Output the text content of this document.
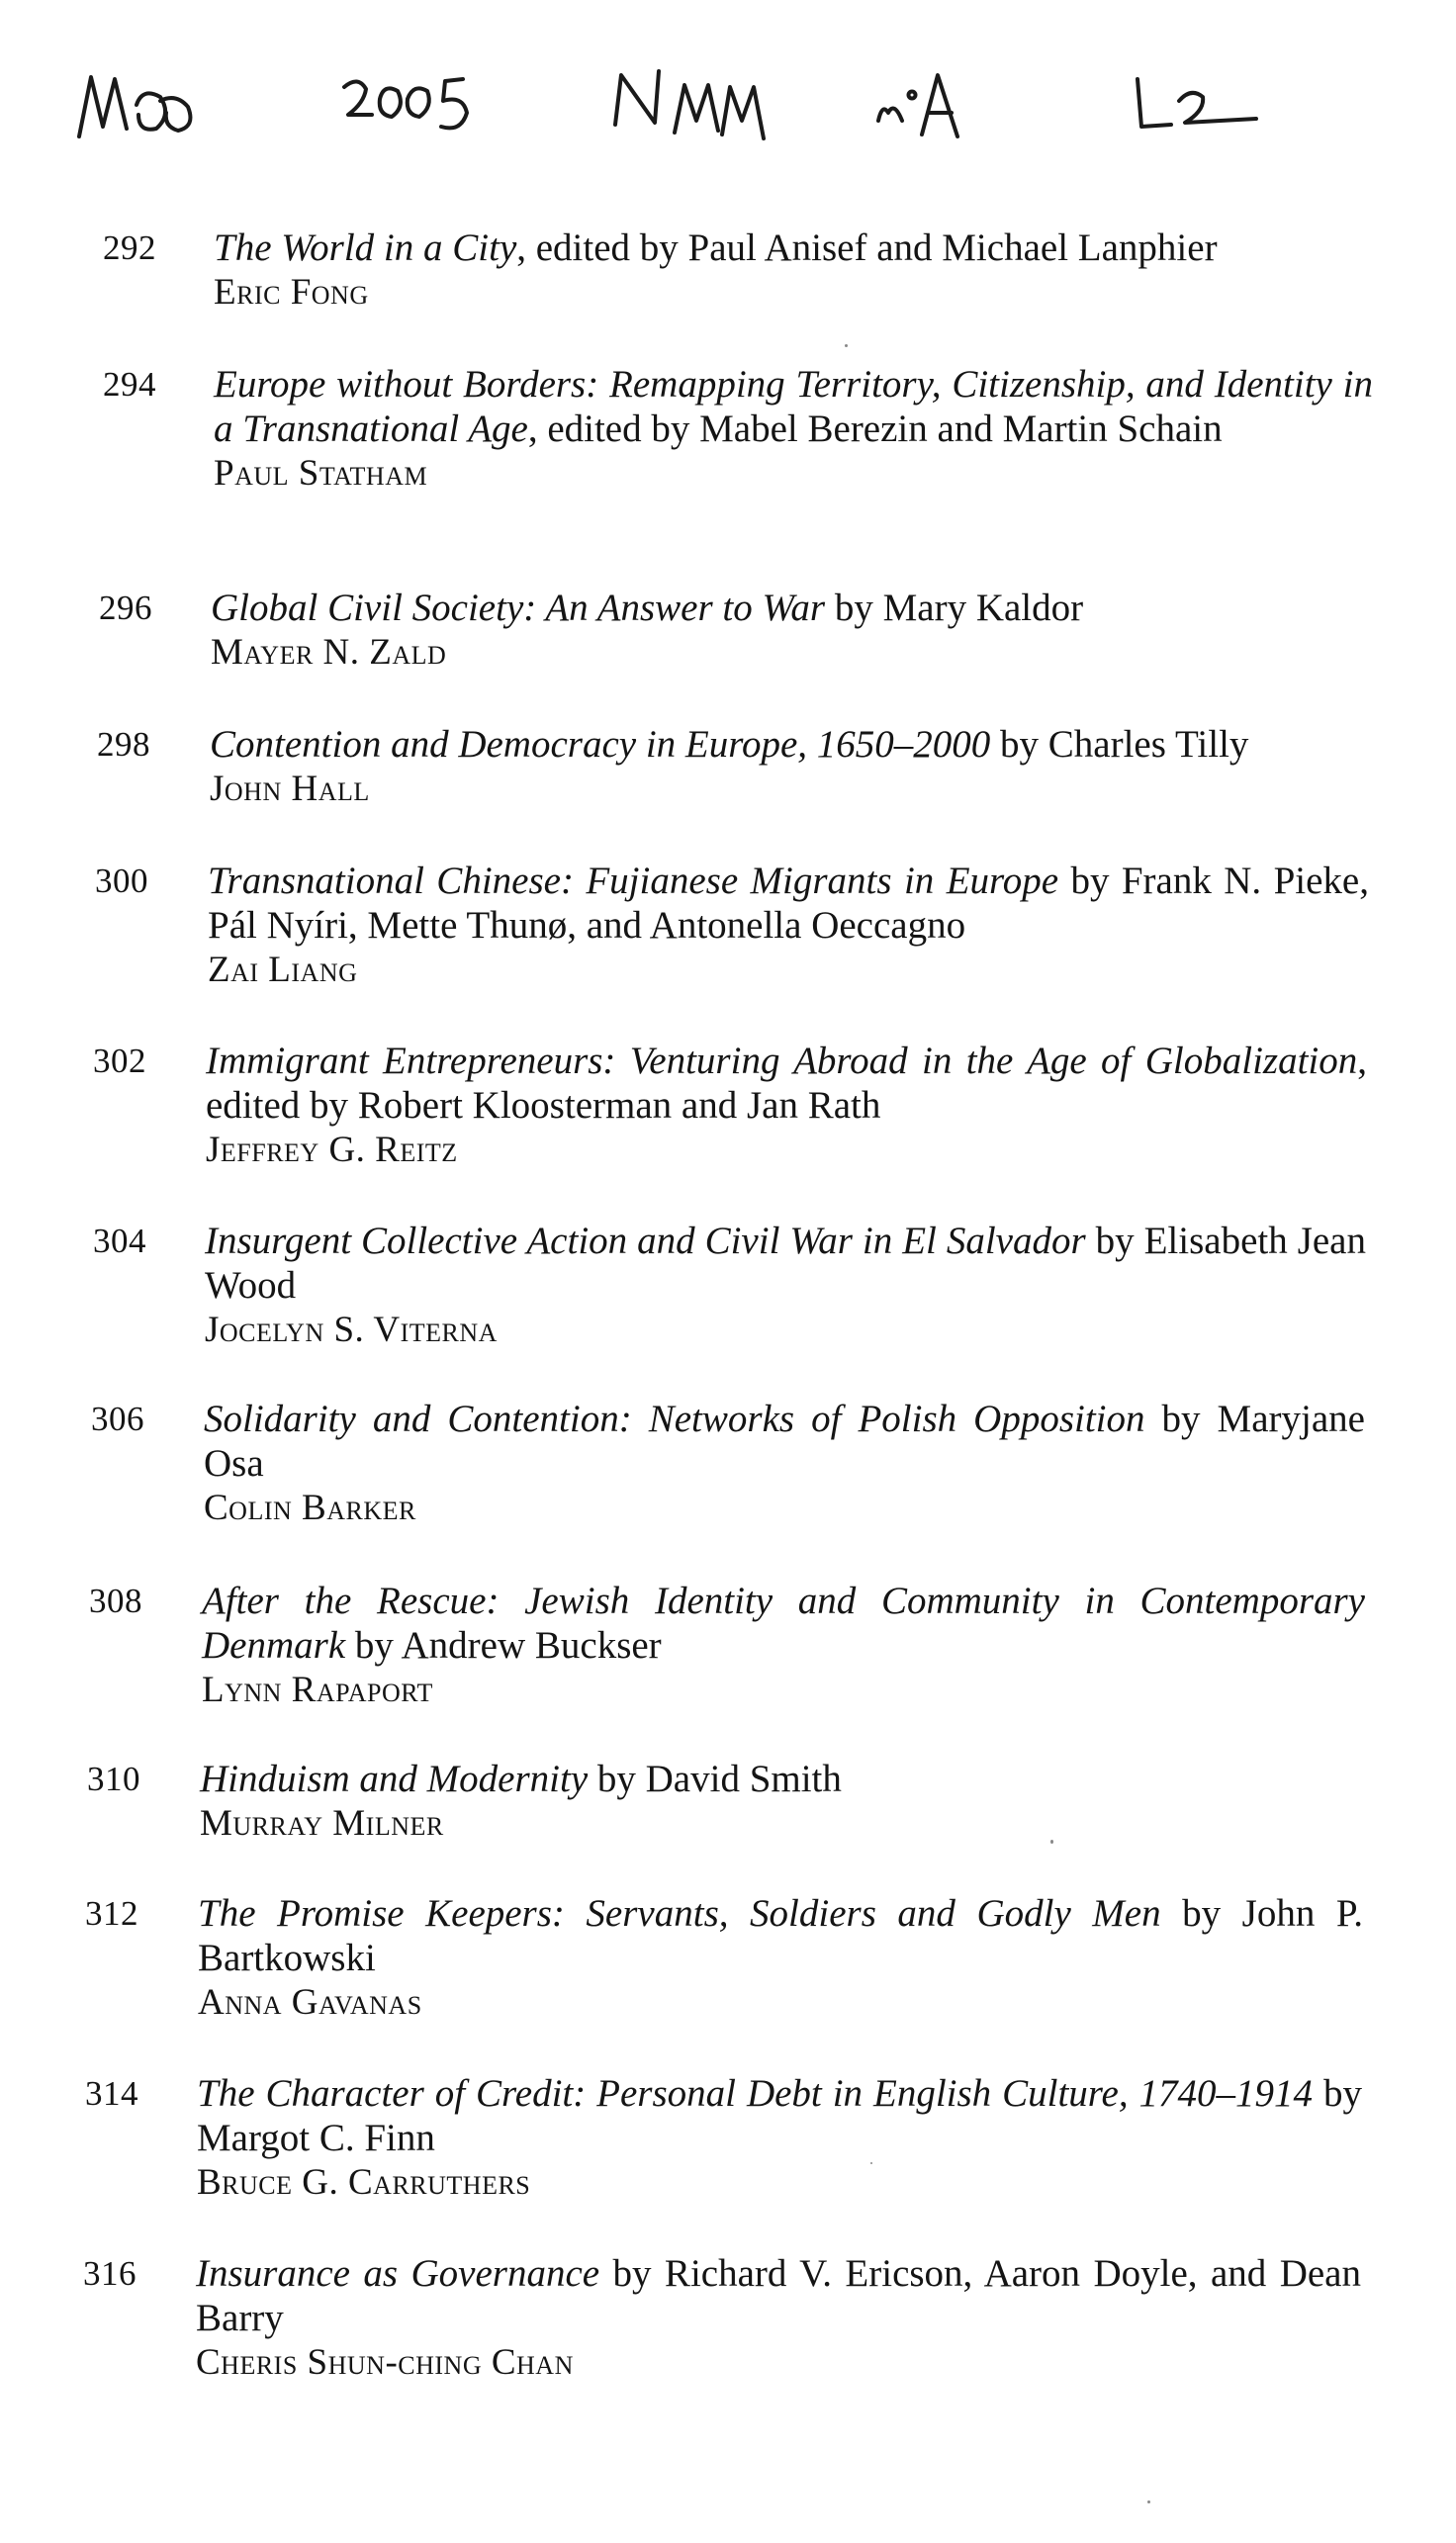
292 The World in a City, edited by Paul Anisef and Michael Lanphier
Eric Fong
294 Europe without Borders: Remapping Territory, Citizenship, and Identity in a Transnational Age, edited by Mabel Berezin and Martin Schain
Paul Statham
296 Global Civil Society: An Answer to War by Mary Kaldor
Mayer N. Zald
298 Contention and Democracy in Europe, 1650–2000 by Charles Tilly
John Hall
300 Transnational Chinese: Fujianese Migrants in Europe by Frank N. Pieke, Pál Nyíri, Mette Thunø, and Antonella Oeccagno
Zai Liang
302 Immigrant Entrepreneurs: Venturing Abroad in the Age of Globalization, edited by Robert Kloosterman and Jan Rath
Jeffrey G. Reitz
304 Insurgent Collective Action and Civil War in El Salvador by Elisabeth Jean Wood
Jocelyn S. Viterna
306 Solidarity and Contention: Networks of Polish Opposition by Maryjane Osa
Colin Barker
308 After the Rescue: Jewish Identity and Community in Contemporary Denmark by Andrew Buckser
Lynn Rapaport
310 Hinduism and Modernity by David Smith
Murray Milner
312 The Promise Keepers: Servants, Soldiers and Godly Men by John P. Bartkowski
Anna Gavanas
314 The Character of Credit: Personal Debt in English Culture, 1740–1914 by Margot C. Finn
Bruce G. Carruthers
316 Insurance as Governance by Richard V. Ericson, Aaron Doyle, and Dean Barry
Cheris Shun-ching Chan
